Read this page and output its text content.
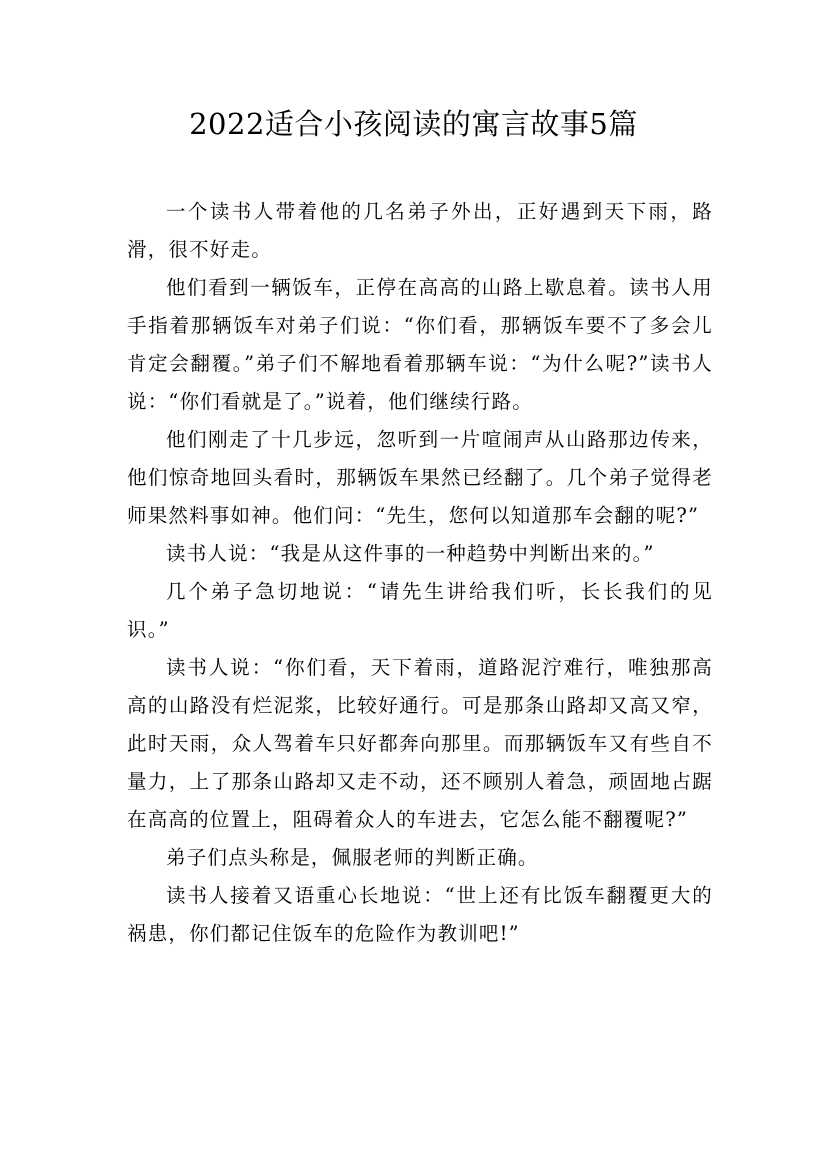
2022适合小孩阅读的寓言故事5篇

一个读书人带着他的几名弟子外出，正好遇到天下雨，路滑，很不好走。

他们看到一辆饭车，正停在高高的山路上歇息着。读书人用手指着那辆饭车对弟子们说：“你们看，那辆饭车要不了多会儿肯定会翻覆。”弟子们不解地看着那辆车说：“为什么呢?”读书人说：“你们看就是了。”说着，他们继续行路。

他们刚走了十几步远，忽听到一片喧闹声从山路那边传来，他们惊奇地回头看时，那辆饭车果然已经翻了。几个弟子觉得老师果然料事如神。他们问：“先生，您何以知道那车会翻的呢?”

读书人说：“我是从这件事的一种趋势中判断出来的。”

几个弟子急切地说：“请先生讲给我们听，长长我们的见识。”

读书人说：“你们看，天下着雨，道路泥泞难行，唯独那高高的山路没有烂泥浆，比较好通行。可是那条山路却又高又窄，此时天雨，众人驾着车只好都奔向那里。而那辆饭车又有些自不量力，上了那条山路却又走不动，还不顾别人着急，顽固地占踞在高高的位置上，阻碍着众人的车进去，它怎么能不翻覆呢?”

弟子们点头称是，佩服老师的判断正确。

读书人接着又语重心长地说：“世上还有比饭车翻覆更大的祸患，你们都记住饭车的危险作为教训吧!”
